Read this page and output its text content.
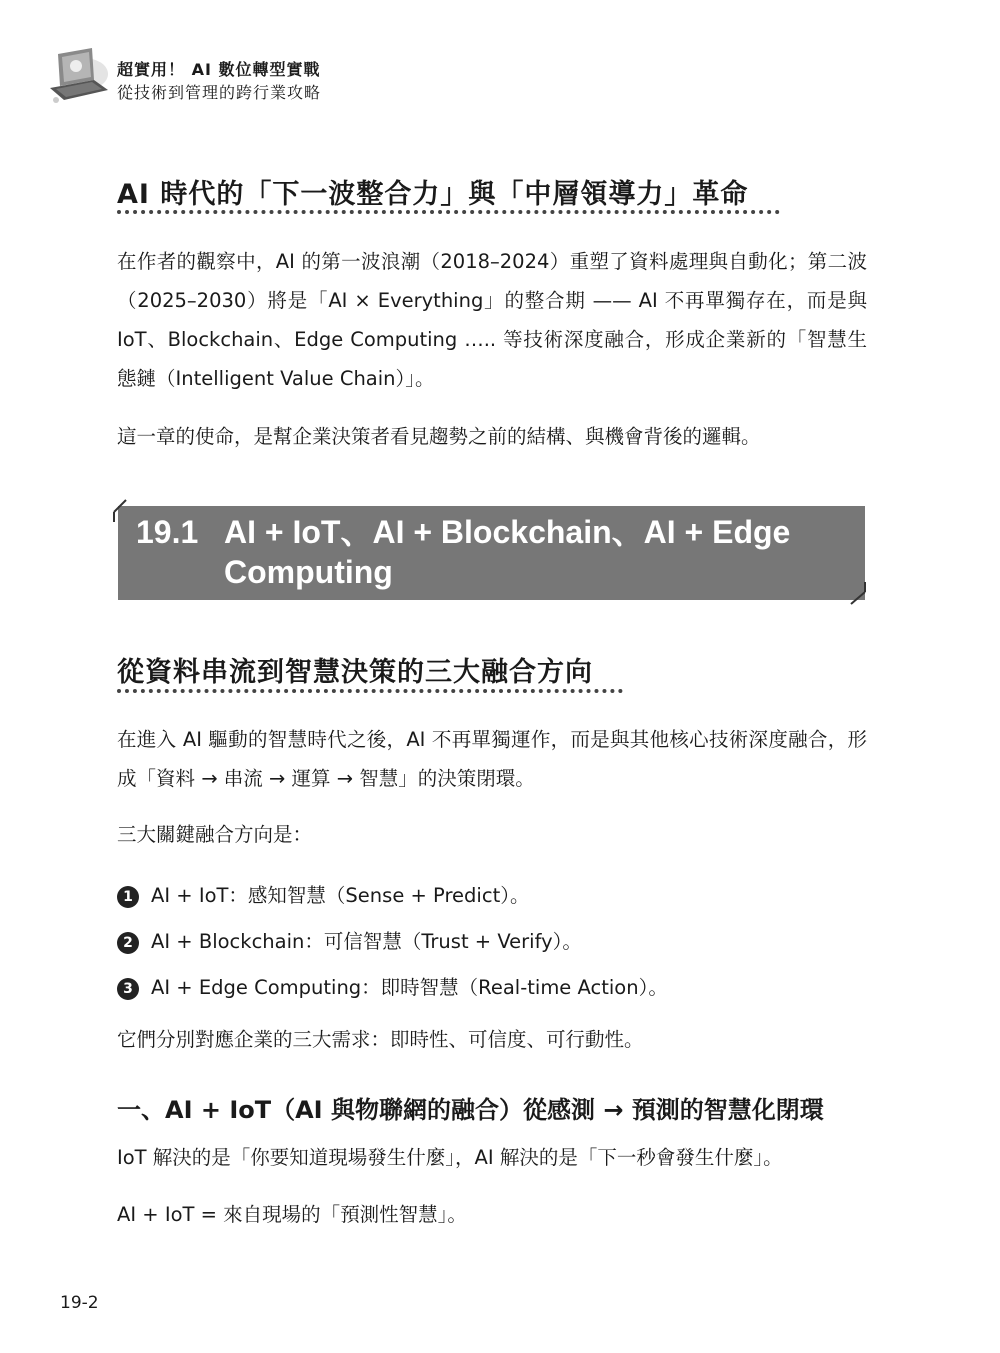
超實用！ AI 數位轉型實戰
從技術到管理的跨行業攻略
AI 時代的「下一波整合力」與「中層領導力」革命
在作者的觀察中，AI 的第一波浪潮（2018–2024）重塑了資料處理與自動化；第二波（2025–2030）將是「AI × Everything」的整合期 —— AI 不再單獨存在，而是與 IoT、Blockchain、Edge Computing ….. 等技術深度融合，形成企業新的「智慧生態鏈（Intelligent Value Chain）」。
這一章的使命，是幫企業決策者看見趨勢之前的結構、與機會背後的邏輯。
19.1 AI + IoT、AI + Blockchain、AI + Edge
Computing
從資料串流到智慧決策的三大融合方向
在進入 AI 驅動的智慧時代之後，AI 不再單獨運作，而是與其他核心技術深度融合，形成「資料 → 串流 → 運算 → 智慧」的決策閉環。
三大關鍵融合方向是：
1 AI + IoT：感知智慧（Sense + Predict）。
2 AI + Blockchain：可信智慧（Trust + Verify）。
3 AI + Edge Computing：即時智慧（Real-time Action）。
它們分別對應企業的三大需求：即時性、可信度、可行動性。
一、AI + IoT（AI 與物聯網的融合）從感測 → 預測的智慧化閉環
IoT 解決的是「你要知道現場發生什麼」，AI 解決的是「下一秒會發生什麼」。
AI + IoT = 來自現場的「預測性智慧」。
19-2
